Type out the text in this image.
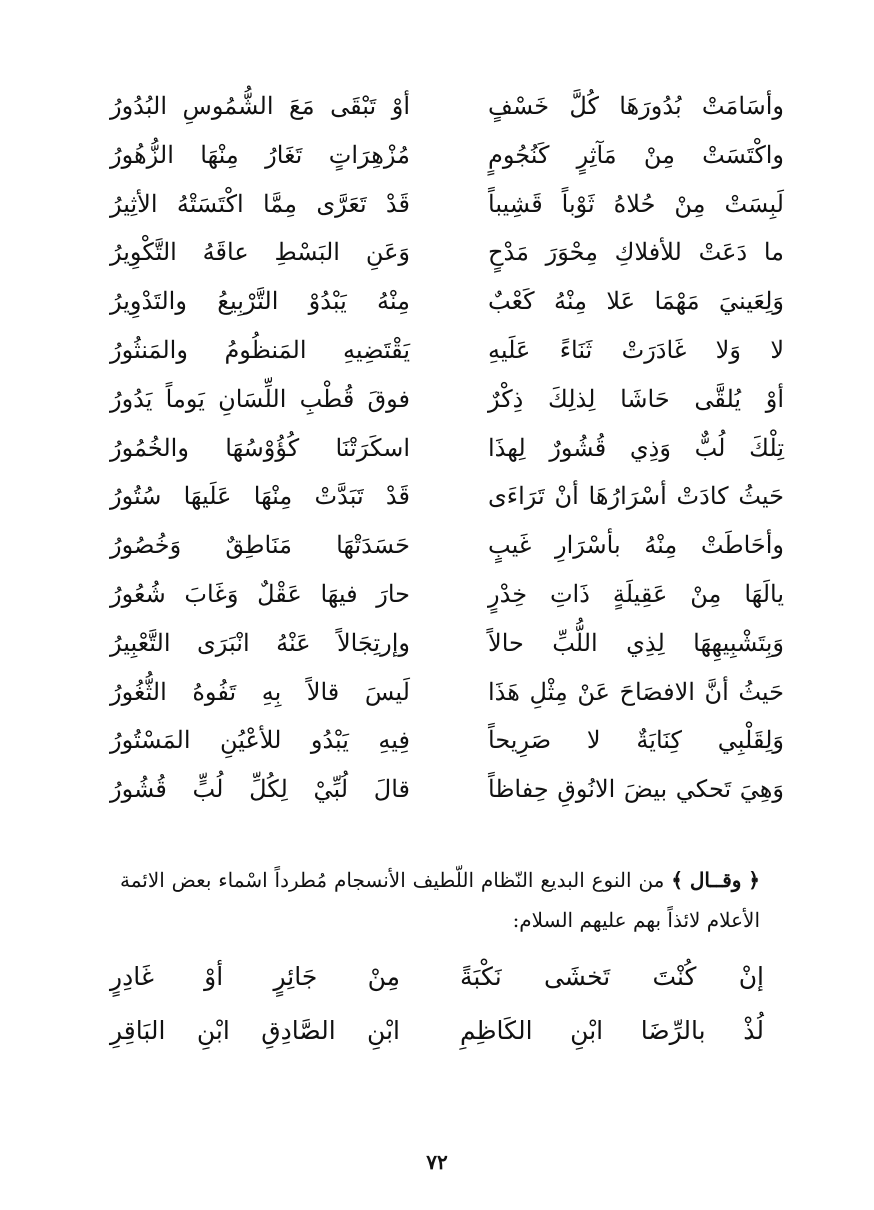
وأسَامَتْ بُدُورَهَا كُلَّ خَسْفٍ
أوْ تَبْقَى مَعَ الشُّمُوسِ البُدُورُ
واكْتَسَتْ مِنْ مَآثِرٍ كَنُجُومٍ
مُزْهِرَاتٍ تَغَارُ مِنْهَا الزُّهُورُ
لَبِسَتْ مِنْ حُلاهُ ثَوْباً قَشِيباً
قَدْ تَعَرَّى مِمَّا اكْتَسَتْهُ الأثِيرُ
ما دَعَتْ للأفلاكِ مِحْوَرَ مَدْحٍ
وَعَنِ البَسْطِ عاقَهُ التَّكْوِيرُ
وَلِعَينيَ مَهْمَا عَلا مِنْهُ كَعْبٌ
مِنْهُ يَبْدُوْ التَّرْبِيعُ والتَدْوِيرُ
لا وَلا غَادَرَتْ ثَنَاءً عَلَيهِ
يَقْتَضِيهِ المَنظُومُ والمَنثُورُ
أوْ يُلقَّى حَاشَا لِذلِكَ ذِكْرٌ
فوقَ قُطْبِ اللِّسَانِ يَوماً يَدُورُ
تِلْكَ لُبٌّ وَذِي قُشُورٌ لِهذَا
اسكَرَتْنَا كُؤُوْسُهَا والخُمُورُ
حَيثُ كادَتْ أسْرَارُهَا أنْ تَرَاءَى
قَدْ تَبَدَّتْ مِنْهَا عَلَيهَا سُتُورُ
وأحَاطَتْ مِنْهُ بأسْرَارِ غَيبٍ
حَسَدَتْهَا مَنَاطِقٌ وَخُصُورُ
يالَهَا مِنْ عَقِيلَةٍ ذَاتِ خِدْرٍ
حارَ فيهَا عَقْلٌ وَغَابَ شُعُورُ
وَبِتَشْبِيهِهَا لِذِي اللُّبِّ حالاً
وإرتِجَالاً عَنْهُ انْبَرَى التَّعْبِيرُ
حَيثُ أنَّ الافصَاحَ عَنْ مِثْلِ هَذَا
لَيسَ قالاً بِهِ تَفُوهُ الثُّغُورُ
وَلِقَلْبِي كِنَايَةٌ لا صَرِيحاً
فِيهِ يَبْدُو للأعْيُنِ المَسْتُورُ
وَهِيَ تَحكي بيضَ الانُوقِ حِفاظاً
قالَ لُبِّيْ لِكُلِّ لُبٍّ قُشُورُ
﴿ وقــال ﴾ من النوع البديع النّظام اللّطيف الأنسجام مُطرداً اسْماء بعض الائمة الأعلام لائذاً بهم عليهم السلام:
إنْ كُنْتَ تَخشَى نَكْبَةً
مِنْ جَائِرٍ أوْ غَادِرٍ
لُذْ بالرِّضَا ابْنِ الكَاظِمِ
ابْنِ الصَّادِقِ ابْنِ البَاقِرِ
٧٢
